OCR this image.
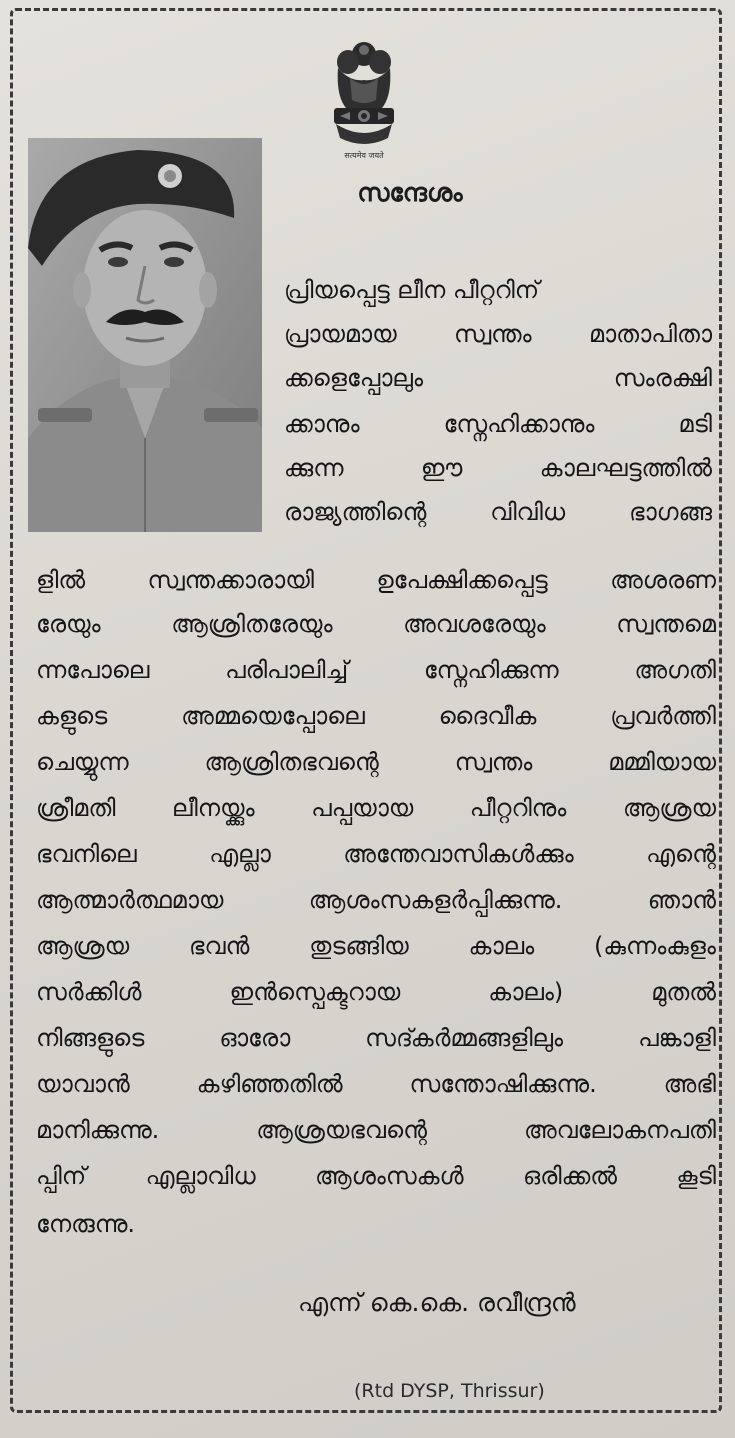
सत्यमेव जयते
സന്ദേശം
പ്രിയപ്പെട്ട ലീന പീറ്ററിന്
പ്രായമായ സ്വന്തം മാതാപിതാ
ക്കളെപ്പോലും സംരക്ഷി
ക്കാനും സ്നേഹിക്കാനും മടി
ക്കുന്ന ഈ കാലഘട്ടത്തിൽ
രാജ്യത്തിന്റെ വിവിധ ഭാഗങ്ങ
ളിൽ സ്വന്തക്കാരായി ഉപേക്ഷിക്കപ്പെട്ട അശരണ
രേയും ആശ്രിതരേയും അവശരേയും സ്വന്തമെ
ന്നപോലെ പരിപാലിച്ച് സ്നേഹിക്കുന്ന അഗതി
കളുടെ അമ്മയെപ്പോലെ ദൈവീക പ്രവർത്തി
ചെയ്യുന്ന ആശ്രിതഭവന്റെ സ്വന്തം മമ്മിയായ
ശ്രീമതി ലീനയ്ക്കും പപ്പയായ പീറ്ററിനും ആശ്രയ
ഭവനിലെ എല്ലാ അന്തേവാസികൾക്കും എന്റെ
ആത്മാർത്ഥമായ ആശംസകളർപ്പിക്കുന്നു. ഞാൻ
ആശ്രയ ഭവൻ തുടങ്ങിയ കാലം (കുന്നംകുളം
സർക്കിൾ ഇൻസ്പെക്ടറായ കാലം) മുതൽ
നിങ്ങളുടെ ഓരോ സദ്കർമ്മങ്ങളിലും പങ്കാളി
യാവാൻ കഴിഞ്ഞതിൽ സന്തോഷിക്കുന്നു. അഭി
മാനിക്കുന്നു. ആശ്രയഭവന്റെ അവലോകനപതി
പ്പിന് എല്ലാവിധ ആശംസകൾ ഒരിക്കൽ കൂടി
നേരുന്നു.
എന്ന് കെ.കെ. രവീന്ദ്രൻ
(Rtd DYSP, Thrissur)
